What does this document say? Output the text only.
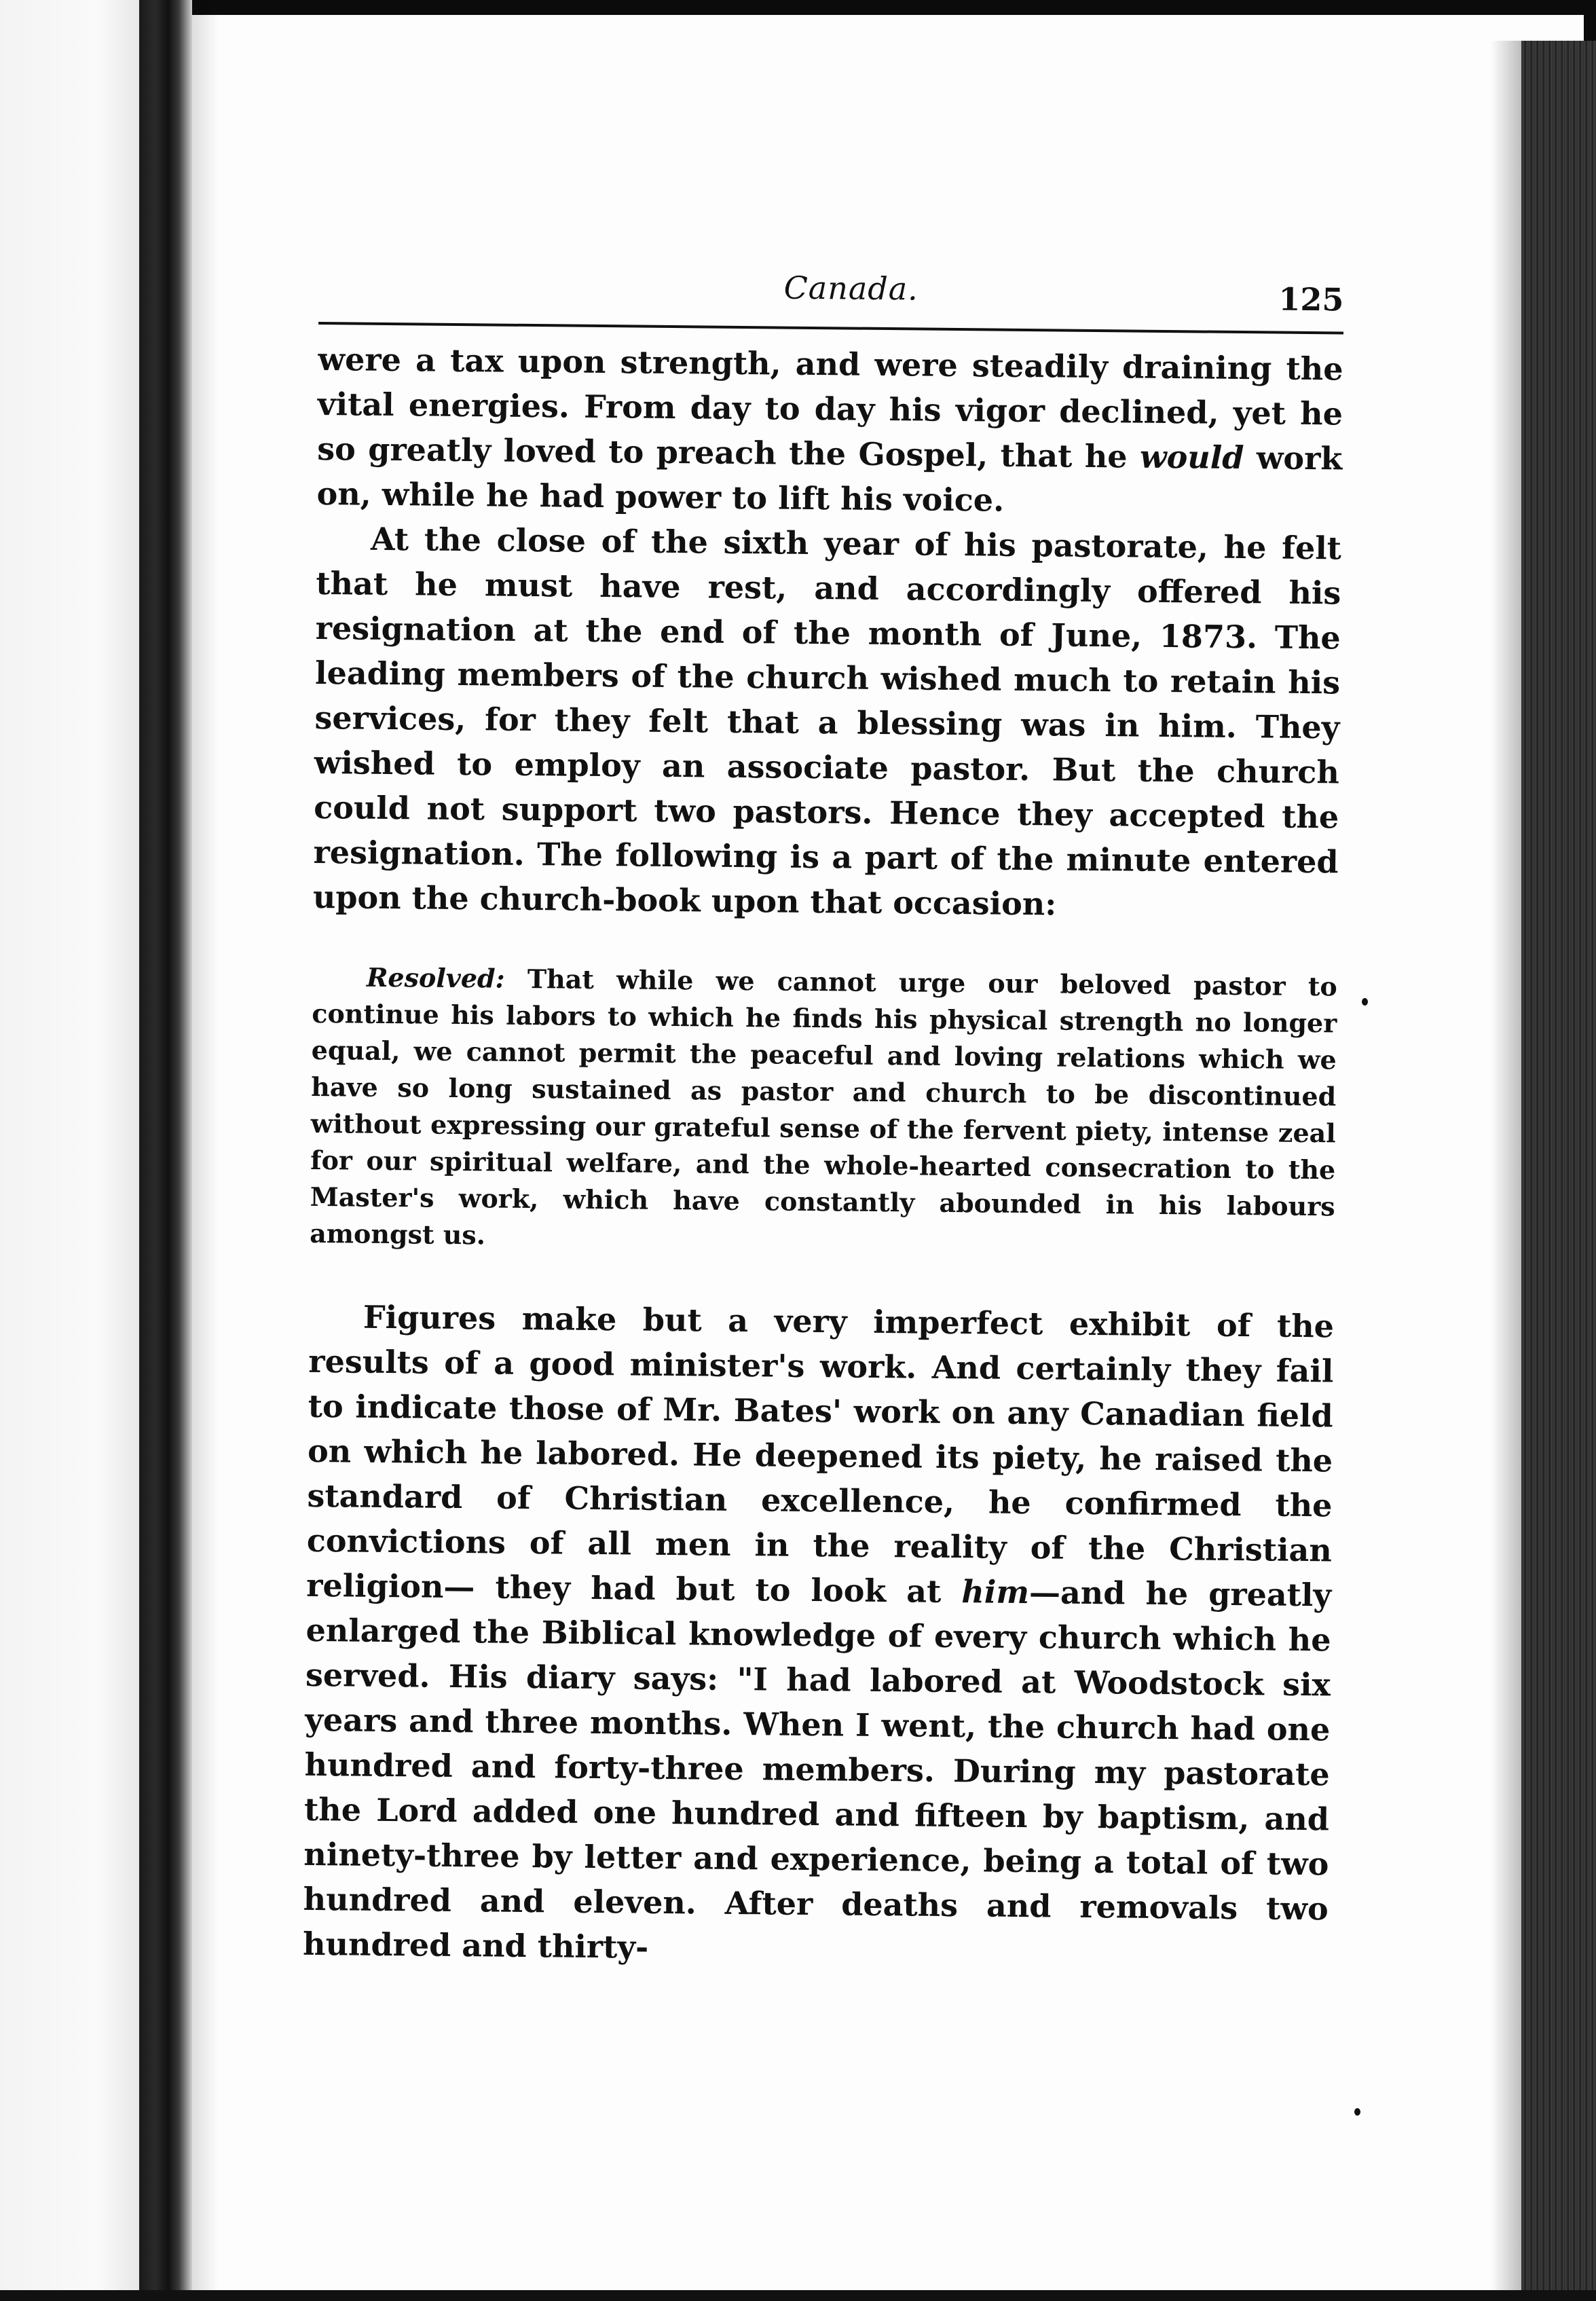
Canada.	125

were a tax upon strength, and were steadily draining the vital energies. From day to day his vigor declined, yet he so greatly loved to preach the Gospel, that he would work on, while he had power to lift his voice.

At the close of the sixth year of his pastorate, he felt that he must have rest, and accordingly offered his resignation at the end of the month of June, 1873. The leading members of the church wished much to retain his services, for they felt that a blessing was in him. They wished to employ an associate pastor. But the church could not support two pastors. Hence they accepted the resignation. The following is a part of the minute entered upon the church-book upon that occasion:

Resolved: That while we cannot urge our beloved pastor to continue his labors to which he finds his physical strength no longer equal, we cannot permit the peaceful and loving relations which we have so long sustained as pastor and church to be discontinued without expressing our grateful sense of the fervent piety, intense zeal for our spiritual welfare, and the whole-hearted consecration to the Master's work, which have constantly abounded in his labours amongst us.

Figures make but a very imperfect exhibit of the results of a good minister's work. And certainly they fail to indicate those of Mr. Bates' work on any Canadian field on which he labored. He deepened its piety, he raised the standard of Christian excellence, he confirmed the convictions of all men in the reality of the Christian religion— they had but to look at him—and he greatly enlarged the Biblical knowledge of every church which he served. His diary says: "I had labored at Woodstock six years and three months. When I went, the church had one hundred and forty-three members. During my pastorate the Lord added one hundred and fifteen by baptism, and ninety-three by letter and experience, being a total of two hundred and eleven. After deaths and removals two hundred and thirty-
